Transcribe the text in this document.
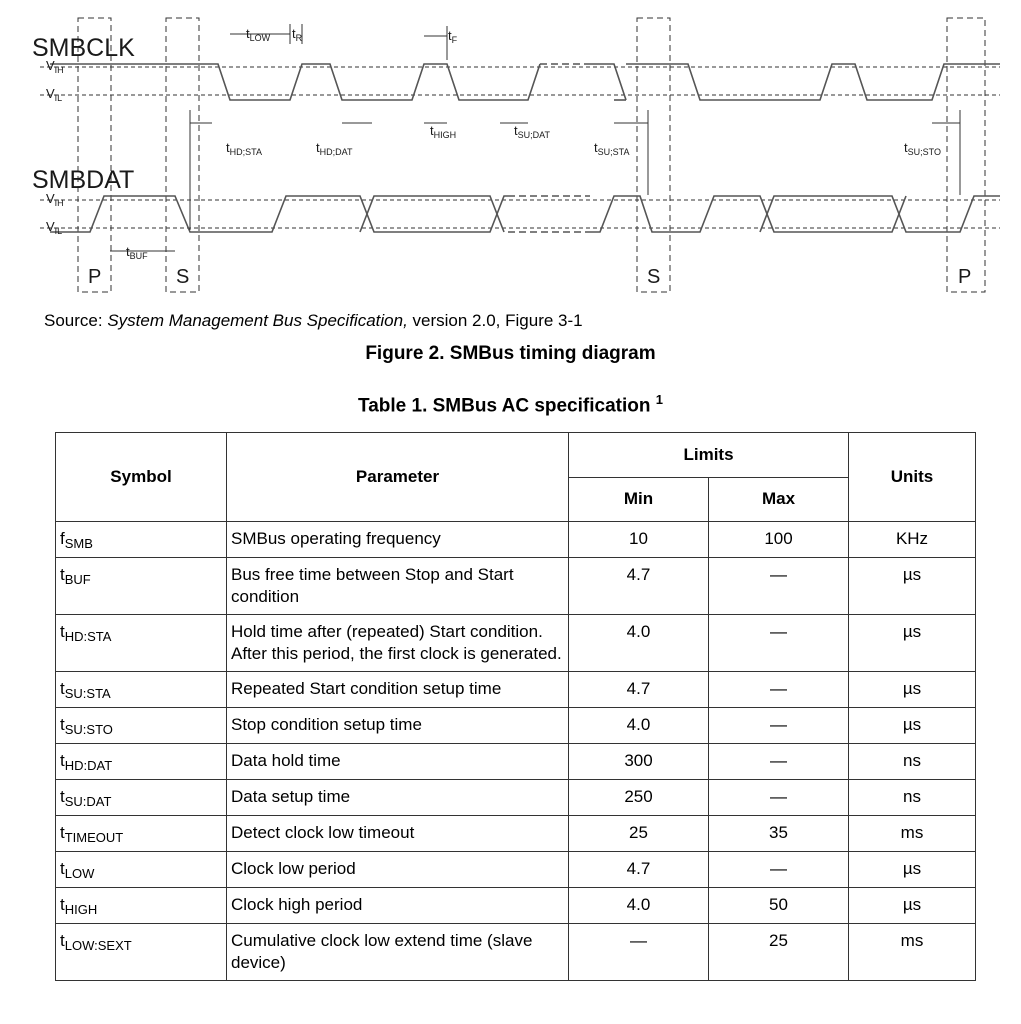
SMBCLK
SMBDAT
$V_{IH}$
$V_{IL}$
$V_{IH}$
$V_{IL}$
$t_{LOW}$ $t_R$	$t_F$
$t_{HD;STA}$	$t_{HD;DAT}$
$t_{HIGH}$	$t_{SU;DAT}$
$t_{SU;STA}$	$t_{SU;STO}$
$t_{BUF}$
P	S	S	P
Source: System Management Bus Specification, version 2.0, Figure 3-1
Figure 2. SMBus timing diagram
Table 1. SMBus AC specification $^1$
Symbol	Parameter	Limits		Units
		Min	Max	
$f_{SMB}$	SMBus operating frequency	10	100	KHz
$t_{BUF}$	Bus free time between Stop and Start condition	4.7	—	µs
$t_{HD:STA}$	Hold time after (repeated) Start condition. After this period, the first clock is generated.	4.0	—	µs
$t_{SU:STA}$	Repeated Start condition setup time	4.7	—	µs
$t_{SU:STO}$	Stop condition setup time	4.0	—	µs
$t_{HD:DAT}$	Data hold time	300	—	ns
$t_{SU:DAT}$	Data setup time	250	—	ns
$t_{TIMEOUT}$	Detect clock low timeout	25	35	ms
$t_{LOW}$	Clock low period	4.7	—	µs
$t_{HIGH}$	Clock high period	4.0	50	µs
$t_{LOW:SEXT}$	Cumulative clock low extend time (slave device)	—	25	ms
